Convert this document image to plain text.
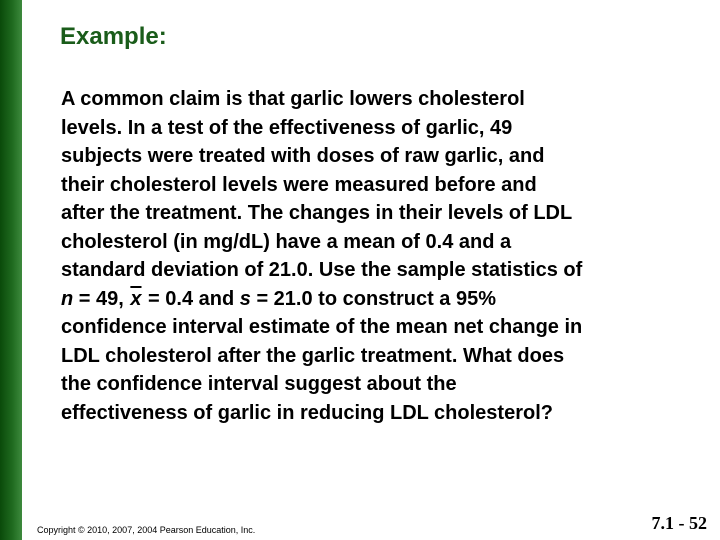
Example:
A common claim is that garlic lowers cholesterol
levels. In a test of the effectiveness of garlic, 49
subjects were treated with doses of raw garlic, and
their cholesterol levels were measured before and
after the treatment. The changes in their levels of LDL
cholesterol (in mg/dL) have a mean of 0.4 and a
standard deviation of 21.0. Use the sample statistics of
n = 49, $\overline{x} = 0.4$ and s = 21.0 to construct a 95%
confidence interval estimate of the mean net change in
LDL cholesterol after the garlic treatment. What does
the confidence interval suggest about the
effectiveness of garlic in reducing LDL cholesterol?

Copyright © 2010, 2007, 2004 Pearson Education, Inc.	7.1 - 52
